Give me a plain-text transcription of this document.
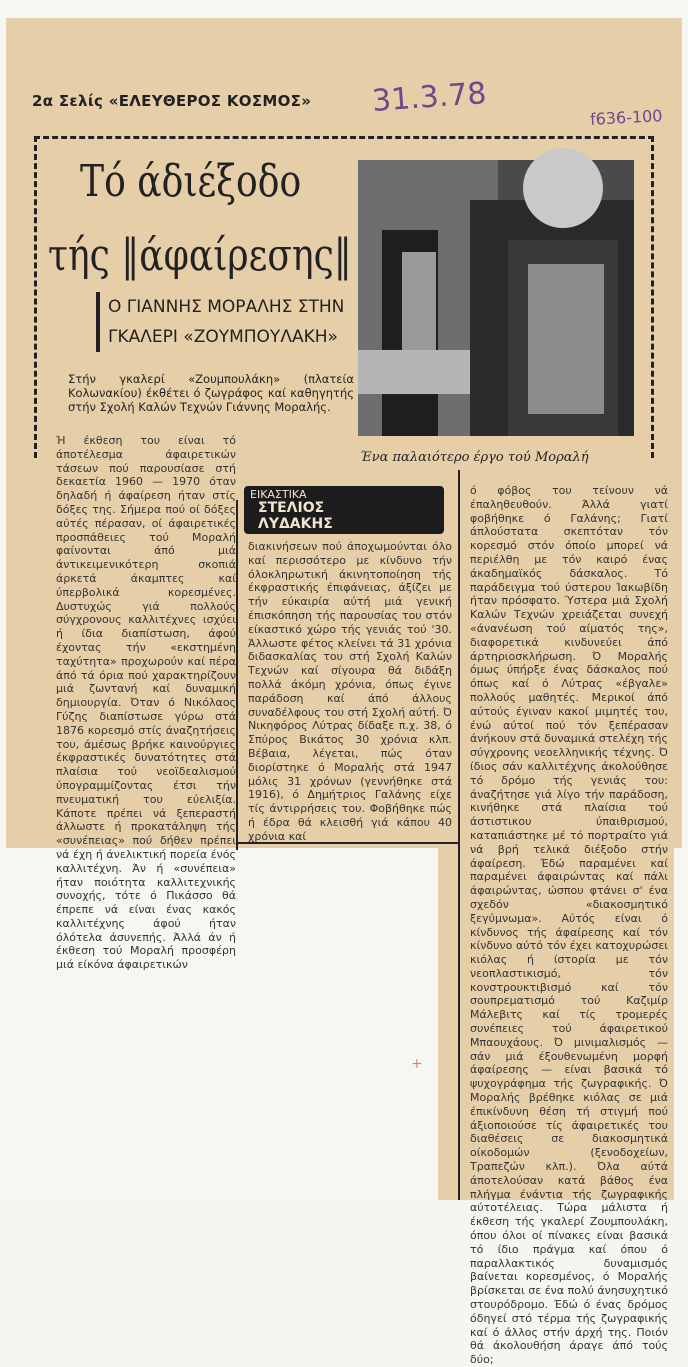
2α Σελίς «ΕΛΕΥΘΕΡΟΣ ΚΟΣΜΟΣ» 31.3.78	f636-100
Τό άδιέξοδο
τής ‖άφαίρεσης‖
Ο ΓΙΑΝΝΗΣ ΜΟΡΑΛΗΣ ΣΤΗΝ
ΓΚΑΛΕΡΙ «ΖΟΥΜΠΟΥΛΑΚΗ»
Στήν γκαλερί «Ζουμπουλάκη» (πλατεία Κολωνακίου) έκθέτει ό ζωγράφος καί καθηγητής στήν Σχολή Καλών Τεχνών Γιάννης Μοραλής.
Ένα παλαιότερο έργο τού Μοραλή
ΕΙΚΑΣΤΙΚΑ
ΣΤΕΛΙΟΣ
ΛΥΔΑΚΗΣ
Ή έκθεση του είναι τό άποτέλεσμα άφαιρετικών τάσεων πού παρουσίασε στή δεκαετία 1960 — 1970 όταν δηλαδή ή άφαίρεση ήταν στίς δόξες της. Σήμερα πού οί δόξες αύτές πέρασαν, οί άφαιρετικές προσπάθειες τού Μοραλή φαίνονται άπό μιά άντικειμενικότερη σκοπιά άρκετά άκαμπτες καί ύπερβολικά κορεσμένες. Δυστυχώς γιά πολλούς σύγχρονους καλλιτέχνες ισχύει ή ίδια διαπίστωση, άφού έχοντας τήν «εκστημένη ταχύτητα» προχωρούν καί πέρα άπό τά όρια πού χαρακτηρίζουν μιά ζωντανή καί δυναμική δημιουργία. Όταν ό Νικόλαος Γύζης διαπίστωσε γύρω στά 1876 κορεσμό στίς άναζητήσεις του, άμέσως βρήκε καινούργιες έκφραστικές δυνατότητες στά πλαίσια τού νεοϊδεαλισμού ύπογραμμίζοντας έτσι τήν πνευματική του εύελιξία. Κάποτε πρέπει νά ξεπεραστή άλλωστε ή προκατάληψη τής «συνέπειας» πού δήθεν πρέπει νά έχη ή άνελικτική πορεία ένός καλλιτέχνη. Άν ή «συνέπεια» ήταν ποιότητα καλλιτεχνικής συνοχής, τότε ό Πικάσσο θά έπρεπε νά είναι ένας κακός καλλιτέχνης άφού ήταν όλότελα άσυνεπής. Άλλά άν ή έκθεση τού Μοραλή προσφέρη μιά είκόνα άφαιρετικών
διακινήσεων πού άποχωμούνται όλο καί περισσότερο με κίνδυνο τήν όλοκληρωτική άκινητοποίηση τής έκφραστικής έπιφάνειας, άξίζει με τήν εύκαιρία αύτή μιά γενική έπισκόπηση τής παρουσίας του στόν είκαστικό χώρο τής γενιάς τού '30. Άλλωστε φέτος κλείνει τά 31 χρόνια διδασκαλίας του στή Σχολή Καλών Τεχνών καί σίγουρα θά διδάξη πολλά άκόμη χρόνια, όπως έγινε παράδοση καί άπό άλλους συναδέλφους του στή Σχολή αύτή. Ό Νικηφόρος Λύτρας δίδαξε π.χ. 38, ό Σπύρος Βικάτος 30 χρόνια κλπ. Βέβαια, λέγεται, πώς όταν διορίστηκε ό Μοραλής στά 1947 μόλις 31 χρόνων (γεννήθηκε στά 1916), ό Δημήτριος Γαλάνης είχε τίς άντιρρήσεις του. Φοβήθηκε πώς ή έδρα θά κλεισθή γιά κάπου 40 χρόνια καί
ό φόβος του τείνουν νά έπαληθευθούν. Άλλά γιατί φοβήθηκε ό Γαλάνης; Γιατί άπλούστατα σκεπτόταν τόν κορεσμό στόν όποίο μπορεί νά περιέλθη με τόν καιρό ένας άκαδημαϊκός δάσκαλος. Τό παράδειγμα τού ύστερου Ίακωβίδη ήταν πρόσφατο. Ύστερα μιά Σχολή Καλών Τεχνών χρειάζεται συνεχή «άνανέωση τού αίματός της», διαφορετικά κινδυνεύει άπό άρτηριοσκλήρωση. Ό Μοραλής όμως ύπήρξε ένας δάσκαλος πού όπως καί ό Λύτρας «έβγαλε» πολλούς μαθητές. Μερικοί άπό αύτούς έγιναν κακοί μιμητές του, ένώ αύτοί πού τόν ξεπέρασαν άνήκουν στά δυναμικά στελέχη τής σύγχρονης νεοελληνικής τέχνης. Ό ίδιος σάν καλλιτέχνης άκολούθησε τό δρόμο τής γενιάς του: άναζήτησε γιά λίγο τήν παράδοση, κινήθηκε στά πλαίσια τού άστιστικου ύπαιθρισμού, καταπιάστηκε μέ τό πορτραίτο γιά νά βρή τελικά διέξοδο στήν άφαίρεση. Έδώ παραμένει καί παραμένει άφαιρώντας καί πάλι άφαιρώντας, ώσπου φτάνει σ' ένα σχεδόν «διακοσμητικό ξεγύμνωμα». Αύτός είναι ό κίνδυνος τής άφαίρεσης καί τόν κίνδυνο αύτό τόν έχει κατοχυρώσει κιόλας ή ίστορία με τόν νεοπλαστικισμό, τόν κονστρουκτιβισμό καί τόν σουπρεματισμό τού Καζιμίρ Μάλεβιτς καί τίς τρομερές συνέπειες τού άφαιρετικού Μπαουχάους. Ό μινιμαλισμός — σάν μιά έξουθενωμένη μορφή άφαίρεσης — είναι βασικά τό ψυχογράφημα τής ζωγραφικής. Ό Μοραλής βρέθηκε κιόλας σε μιά έπικίνδυνη θέση τή στιγμή πού άξιοποιούσε τίς άφαιρετικές του διαθέσεις σε διακοσμητικά οίκοδομών (ξενοδοχείων, Τραπεζών κλπ.). Όλα αύτά άποτελούσαν κατά βάθος ένα πλήγμα ένάντια τής ζωγραφικής αύτοτέλειας. Τώρα μάλιστα ή έκθεση τής γκαλερί Ζουμπουλάκη, όπου όλοι οί πίνακες είναι βασικά τό ίδιο πράγμα καί όπου ό παραλλακτικός δυναμισμός βαίνεται κορεσμένος, ό Μοραλής βρίσκεται σε ένα πολύ άνησυχητικό στουρόδρομο. Έδώ ό ένας δρόμος όδηγεί στό τέρμα τής ζωγραφικής καί ό άλλος στήν άρχή της. Ποιόν θά άκολουθήση άραγε άπό τούς δύο;
+
